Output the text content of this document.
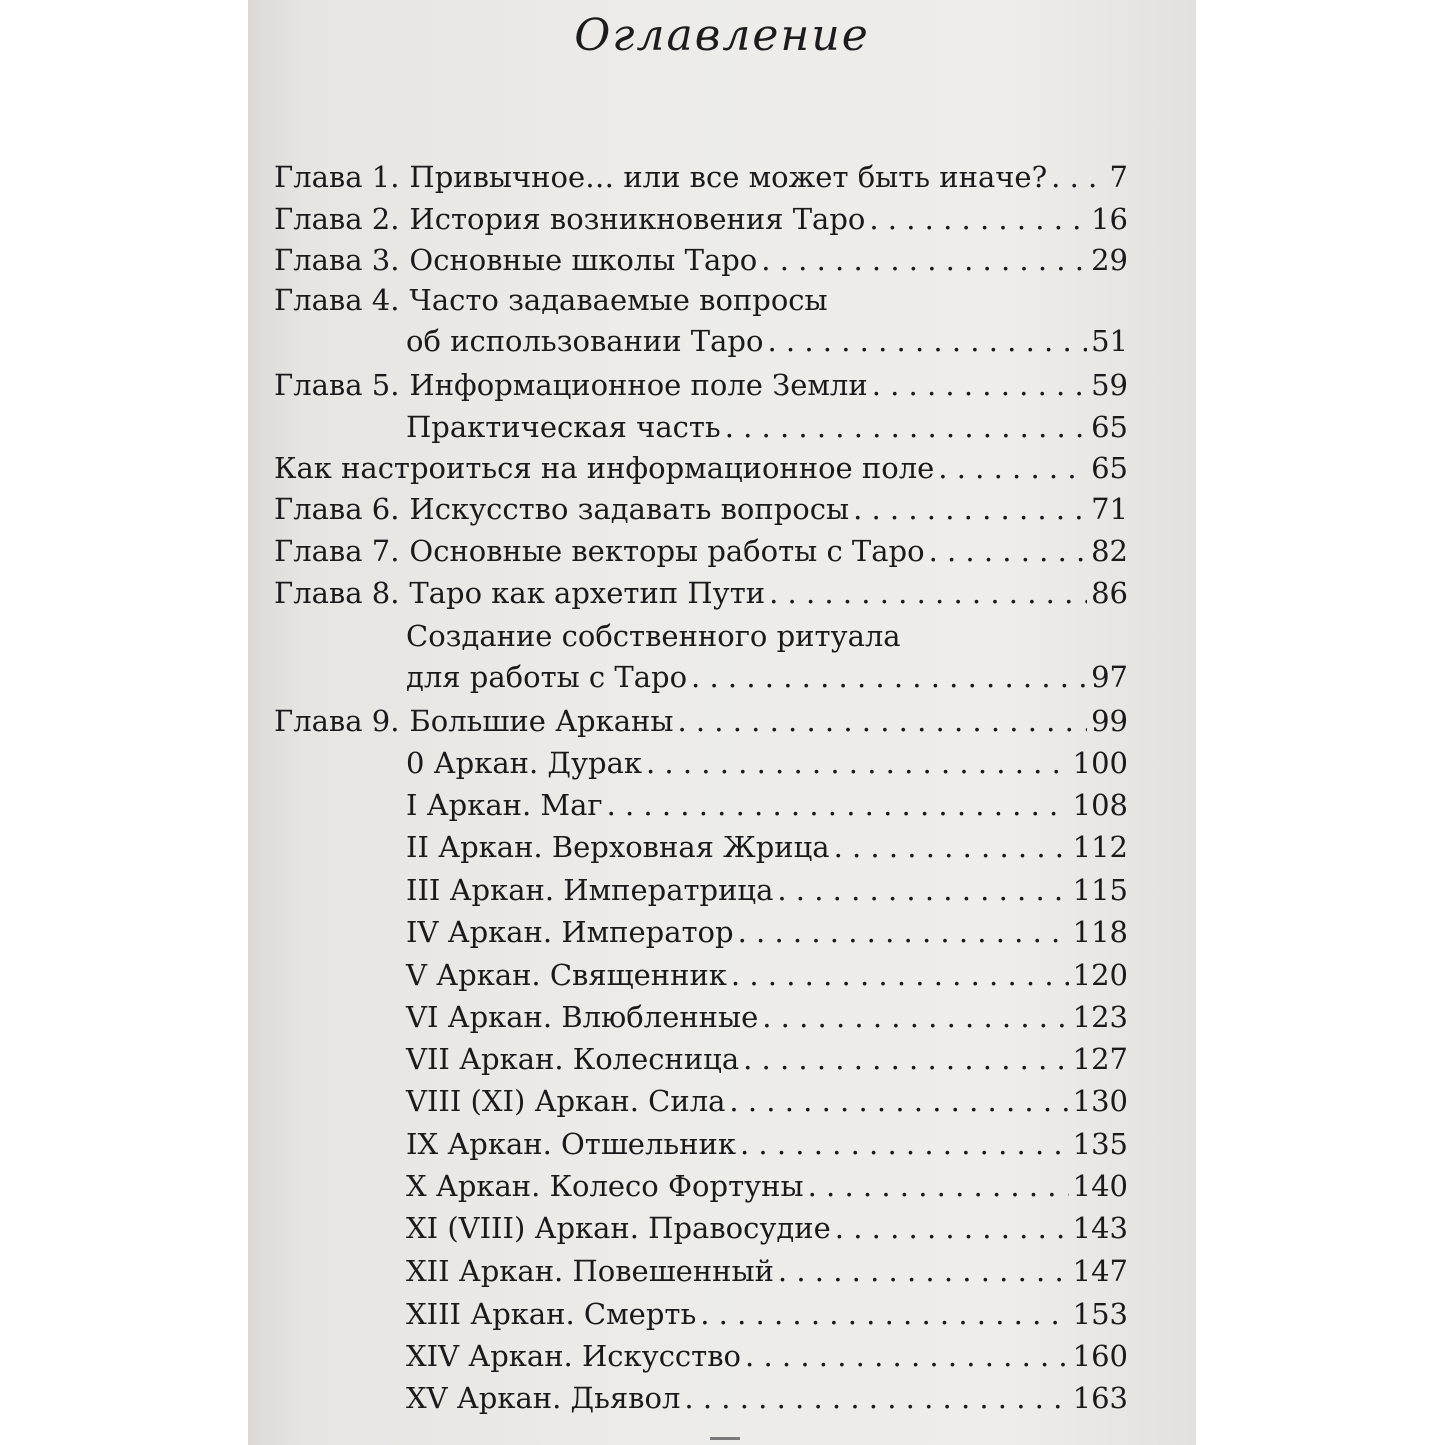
Оглавление
Глава 1. Привычное… или все может быть иначе? . . . 7
Глава 2. История возникновения Таро . . .	16
Глава 3. Основные школы Таро . . .	29
Глава 4. Часто задаваемые вопросы
об использовании Таро . . .	51
Глава 5. Информационное поле Земли . . .	59
Практическая часть . . .	65
Как настроиться на информационное поле . . .	65
Глава 6. Искусство задавать вопросы . . .	71
Глава 7. Основные векторы работы с Таро . . .	82
Глава 8. Таро как архетип Пути . . .	86
Создание собственного ритуала
для работы с Таро . . .	97
Глава 9. Большие Арканы . . .	99
0 Аркан. Дурак . . .	100
I Аркан. Маг . . .	108
II Аркан. Верховная Жрица . . .	112
III Аркан. Императрица . . .	115
IV Аркан. Император . . .	118
V Аркан. Священник . . .	120
VI Аркан. Влюбленные . . .	123
VII Аркан. Колесница . . .	127
VIII (XI) Аркан. Сила . . .	130
IX Аркан. Отшельник . . .	135
X Аркан. Колесо Фортуны . . .	140
XI (VIII) Аркан. Правосудие . . .	143
XII Аркан. Повешенный . . .	147
XIII Аркан. Смерть . . .	153
XIV Аркан. Искусство . . .	160
XV Аркан. Дьявол . . .	163
